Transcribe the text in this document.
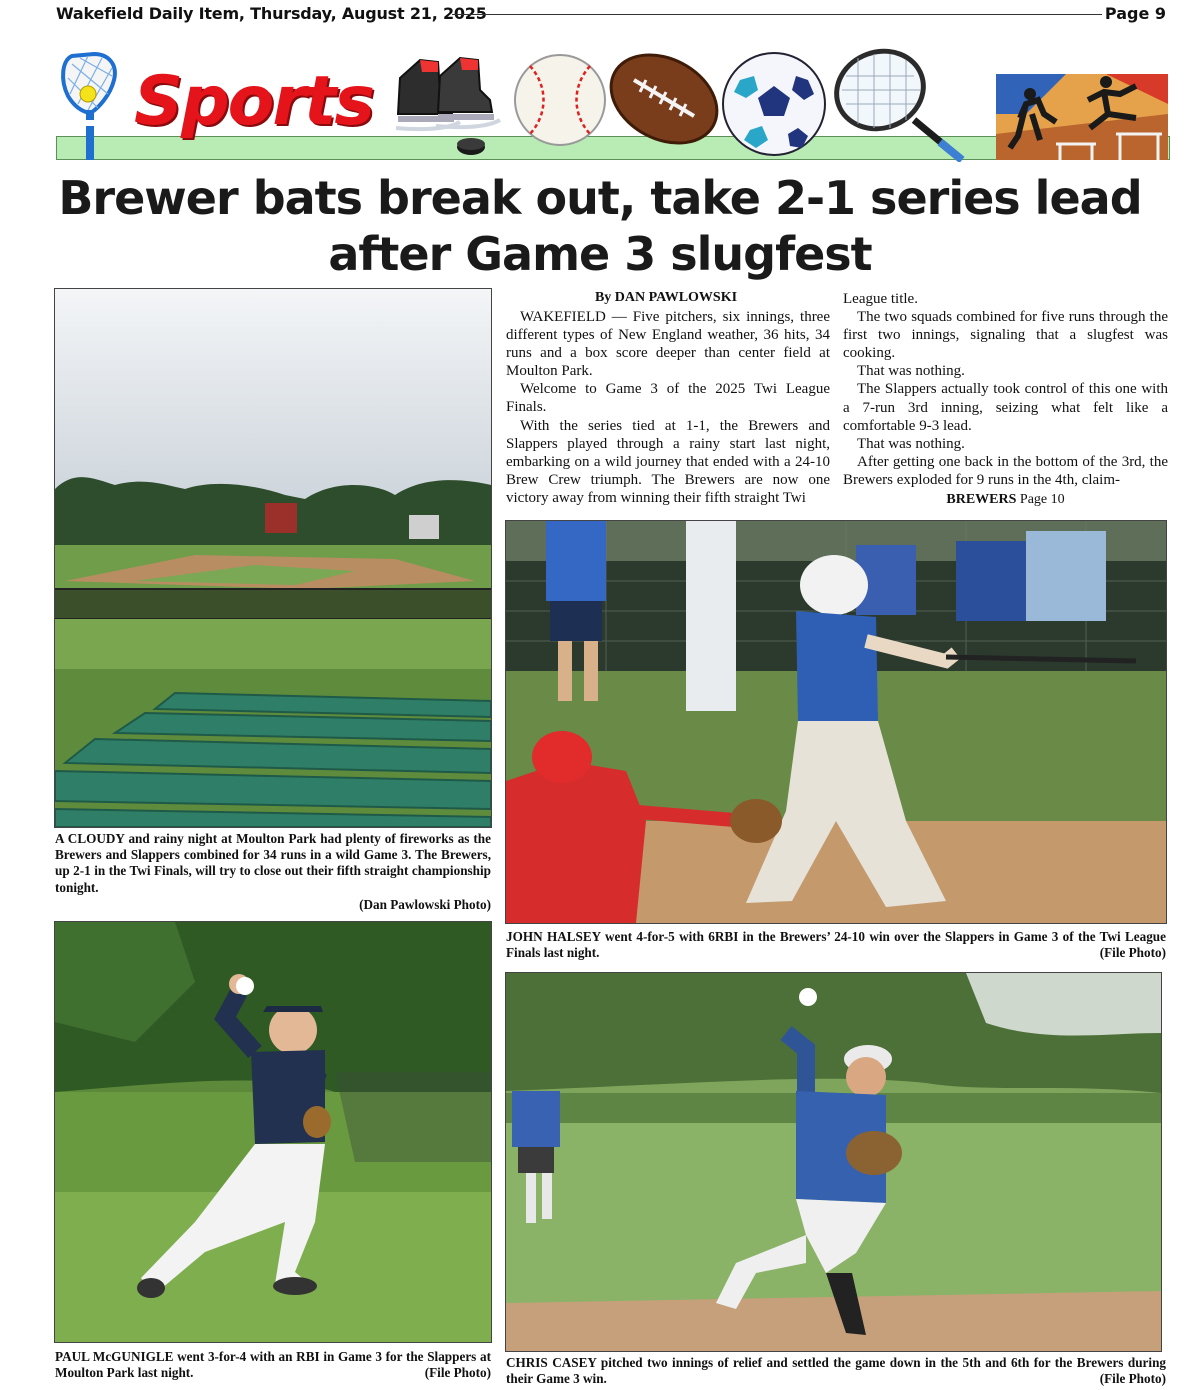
Wakefield Daily Item, Thursday, August 21, 2025	Page 9
Sports
Brewer bats break out, take 2-1 series lead
after Game 3 slugfest
A CLOUDY and rainy night at Moulton Park had plenty of fireworks as the Brewers and Slappers combined for 34 runs in a wild Game 3. The Brewers, up 2-1 in the Twi Finals, will try to close out their fifth straight championship tonight.
(Dan Pawlowski Photo)
By DAN PAWLOWSKI

WAKEFIELD — Five pitchers, six innings, three different types of New England weather, 36 hits, 34 runs and a box score deeper than center field at Moulton Park.

Welcome to Game 3 of the 2025 Twi League Finals.

With the series tied at 1-1, the Brewers and Slappers played through a rainy start last night, embarking on a wild journey that ended with a 24-10 Brew Crew triumph. The Brewers are now one victory away from winning their fifth straight Twi

League title.

The two squads combined for five runs through the first two innings, signaling that a slugfest was cooking.

That was nothing.

The Slappers actually took control of this one with a 7-run 3rd inning, seizing what felt like a comfortable 9-3 lead.

That was nothing.

After getting one back in the bottom of the 3rd, the Brewers exploded for 9 runs in the 4th, claim-

BREWERS Page 10
JOHN HALSEY went 4-for-5 with 6RBI in the Brewers’ 24-10 win over the Slappers in Game 3 of the Twi League Finals last night.	(File Photo)
PAUL McGUNIGLE went 3-for-4 with an RBI in Game 3 for the Slappers at Moulton Park last night.	(File Photo)
CHRIS CASEY pitched two innings of relief and settled the game down in the 5th and 6th for the Brewers during their Game 3 win.	(File Photo)
